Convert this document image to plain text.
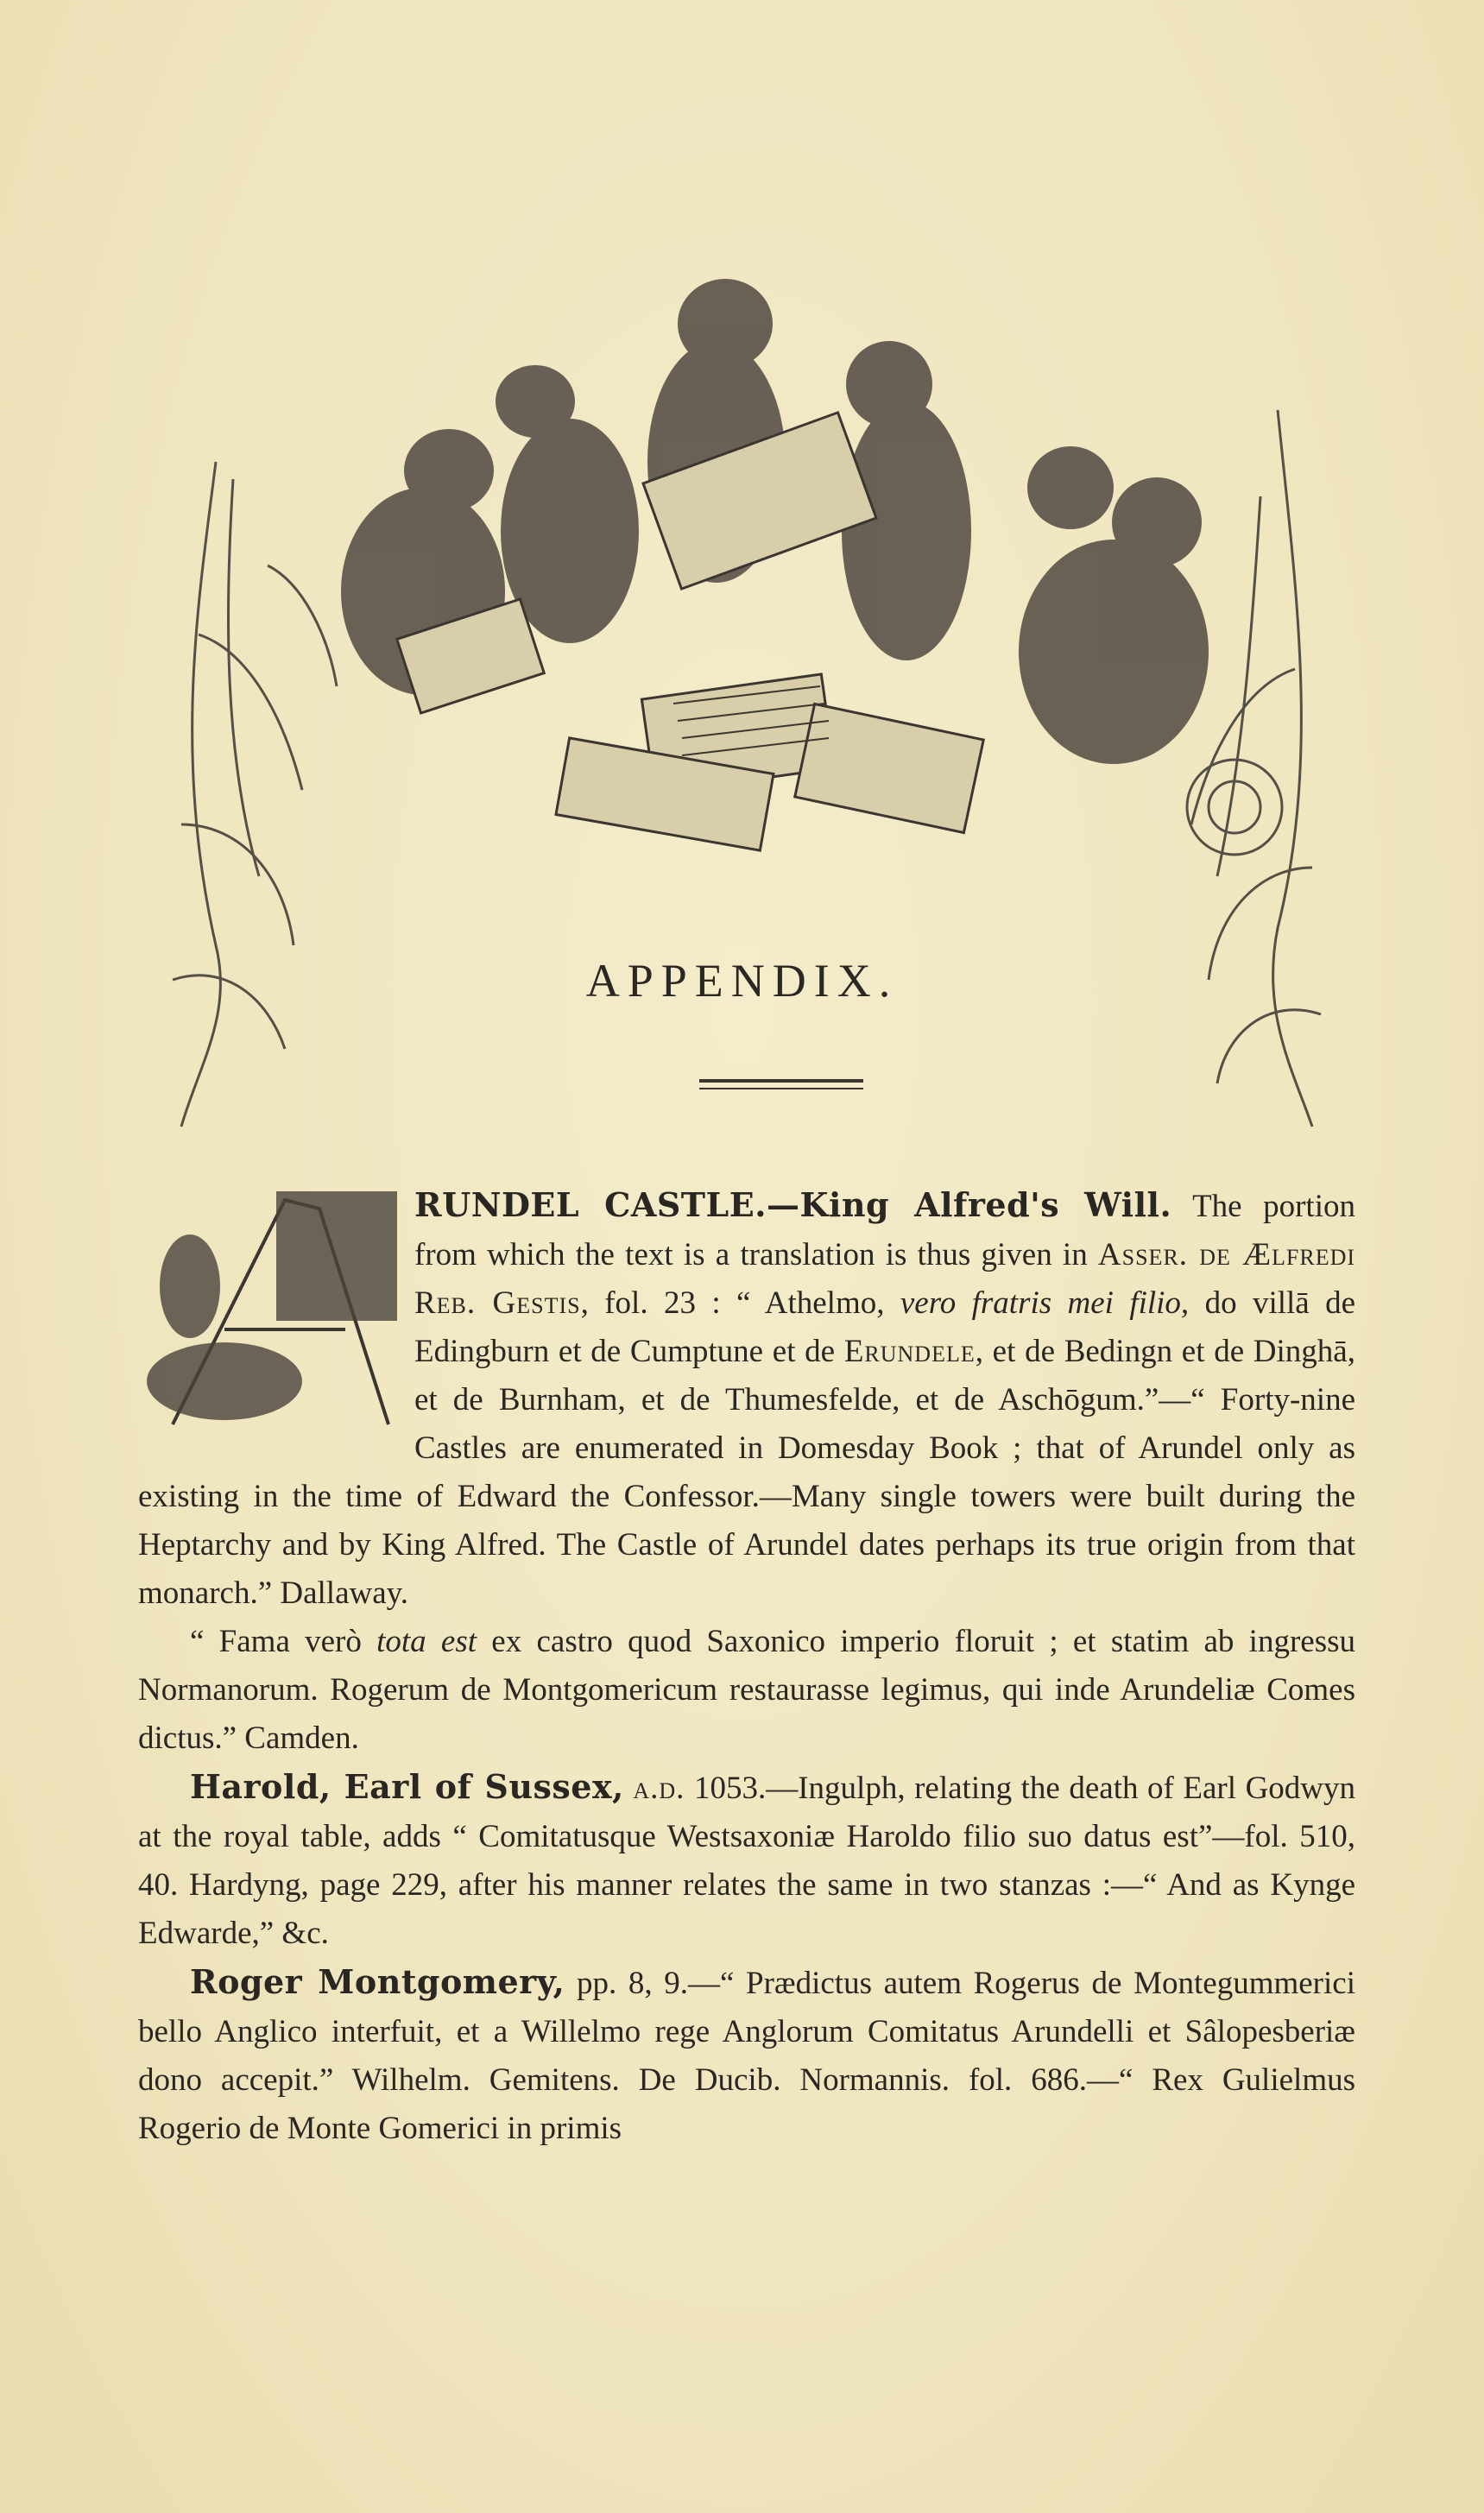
APPENDIX.

RUNDEL CASTLE.—King Alfred's Will. The portion from which the text is a translation is thus given in Asser. de Ælfredi Reb. Gestis, fol. 23 : “ Athelmo, vero fratris mei filio, do villā de Edingburn et de Cumptune et de Erundele, et de Bedingn et de Dinghā, et de Burnham, et de Thumesfelde, et de Aschōgum.”—“ Forty-nine Castles are enumerated in Domesday Book ; that of Arundel only as existing in the time of Edward the Confessor.—Many single towers were built during the Heptarchy and by King Alfred. The Castle of Arundel dates perhaps its true origin from that monarch.” Dallaway.

“ Fama verò tota est ex castro quod Saxonico imperio floruit ; et statim ab ingressu Normanorum. Rogerum de Montgomericum restaurasse legimus, qui inde Arundeliæ Comes dictus.” Camden.

Harold, Earl of Sussex, a.d. 1053.—Ingulph, relating the death of Earl Godwyn at the royal table, adds “ Comitatusque Westsaxoniæ Haroldo filio suo datus est”—fol. 510, 40. Hardyng, page 229, after his manner relates the same in two stanzas :—“ And as Kynge Edwarde,” &c.

Roger Montgomery, pp. 8, 9.—“ Prædictus autem Rogerus de Montegummerici bello Anglico interfuit, et a Willelmo rege Anglorum Comitatus Arundelli et Sâlopesberiæ dono accepit.” Wilhelm. Gemitens. De Ducib. Normannis. fol. 686.—“ Rex Gulielmus Rogerio de Monte Gomerici in primis
